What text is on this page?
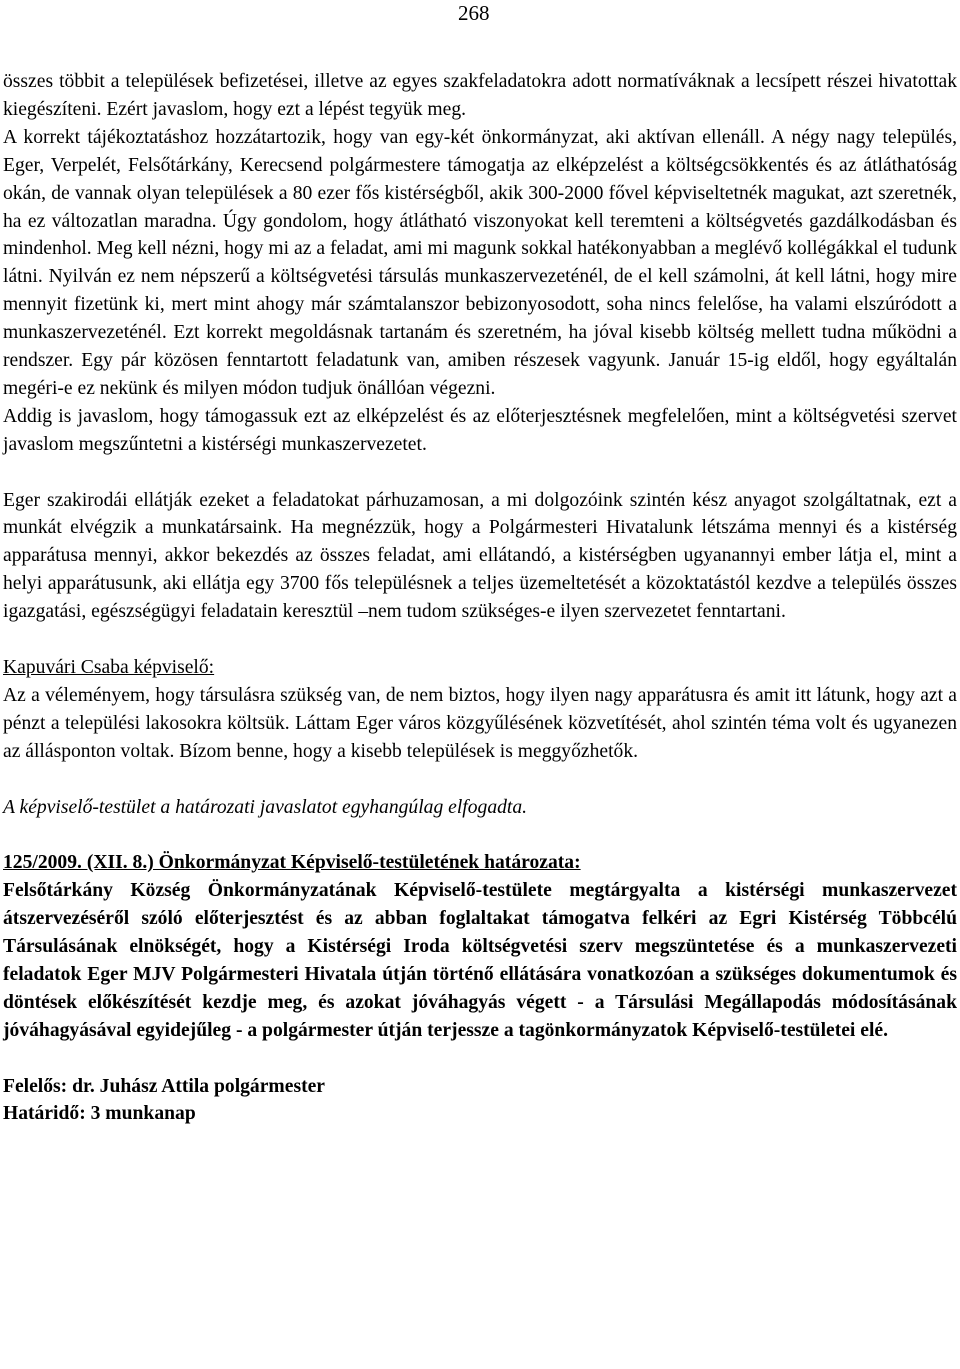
268

összes többit a települések befizetései, illetve az egyes szakfeladatokra adott normatíváknak a lecsípett részei hivatottak kiegészíteni. Ezért javaslom, hogy ezt a lépést tegyük meg.

A korrekt tájékoztatáshoz hozzátartozik, hogy van egy-két önkormányzat, aki aktívan ellenáll. A négy nagy település, Eger, Verpelét, Felsőtárkány, Kerecsend polgármestere támogatja az elképzelést a költségcsökkentés és az átláthatóság okán, de vannak olyan települések a 80 ezer fős kistérségből, akik 300-2000 fővel képviseltetnék magukat, azt szeretnék, ha ez változatlan maradna. Úgy gondolom, hogy átlátható viszonyokat kell teremteni a költségvetés gazdálkodásban és mindenhol. Meg kell nézni, hogy mi az a feladat, ami mi magunk sokkal hatékonyabban a meglévő kollégákkal el tudunk látni. Nyilván ez nem népszerű a költségvetési társulás munkaszervezeténél, de el kell számolni, át kell látni, hogy mire mennyit fizetünk ki, mert mint ahogy már számtalanszor bebizonyosodott, soha nincs felelőse, ha valami elszúródott a munkaszervezeténél. Ezt korrekt megoldásnak tartanám és szeretném, ha jóval kisebb költség mellett tudna működni a rendszer. Egy pár közösen fenntartott feladatunk van, amiben részesek vagyunk. Január 15-ig eldől, hogy egyáltalán megéri-e ez nekünk és milyen módon tudjuk önállóan végezni.

Addig is javaslom, hogy támogassuk ezt az elképzelést és az előterjesztésnek megfelelően, mint a költségvetési szervet javaslom megszűntetni a kistérségi munkaszervezetet.

Eger szakirodái ellátják ezeket a feladatokat párhuzamosan, a mi dolgozóink szintén kész anyagot szolgáltatnak, ezt a munkát elvégzik a munkatársaink. Ha megnézzük, hogy a Polgármesteri Hivatalunk létszáma mennyi és a kistérség apparátusa mennyi, akkor bekezdés az összes feladat, ami ellátandó, a kistérségben ugyanannyi ember látja el, mint a helyi apparátusunk, aki ellátja egy 3700 fős településnek a teljes üzemeltetését a közoktatástól kezdve a település összes igazgatási, egészségügyi feladatain keresztül –nem tudom szükséges-e ilyen szervezetet fenntartani.

Kapuvári Csaba képviselő:

Az a véleményem, hogy társulásra szükség van, de nem biztos, hogy ilyen nagy apparátusra és amit itt látunk, hogy azt a pénzt a települési lakosokra költsük. Láttam Eger város közgyűlésének közvetítését, ahol szintén téma volt és ugyanezen az állásponton voltak. Bízom benne, hogy a kisebb települések is meggyőzhetők.

A képviselő-testület a határozati javaslatot egyhangúlag elfogadta.

125/2009. (XII. 8.) Önkormányzat Képviselő-testületének határozata:

Felsőtárkány Község Önkormányzatának Képviselő-testülete megtárgyalta a kistérségi munkaszervezet átszervezéséről szóló előterjesztést és az abban foglaltakat támogatva felkéri az Egri Kistérség Többcélú Társulásának elnökségét, hogy a Kistérségi Iroda költségvetési szerv megszüntetése és a munkaszervezeti feladatok Eger MJV Polgármesteri Hivatala útján történő ellátására vonatkozóan a szükséges dokumentumok és döntések előkészítését kezdje meg, és azokat jóváhagyás végett - a Társulási Megállapodás módosításának jóváhagyásával egyidejűleg - a polgármester útján terjessze a tagönkormányzatok Képviselő-testületei elé.

Felelős: dr. Juhász Attila polgármester

Határidő: 3 munkanap
